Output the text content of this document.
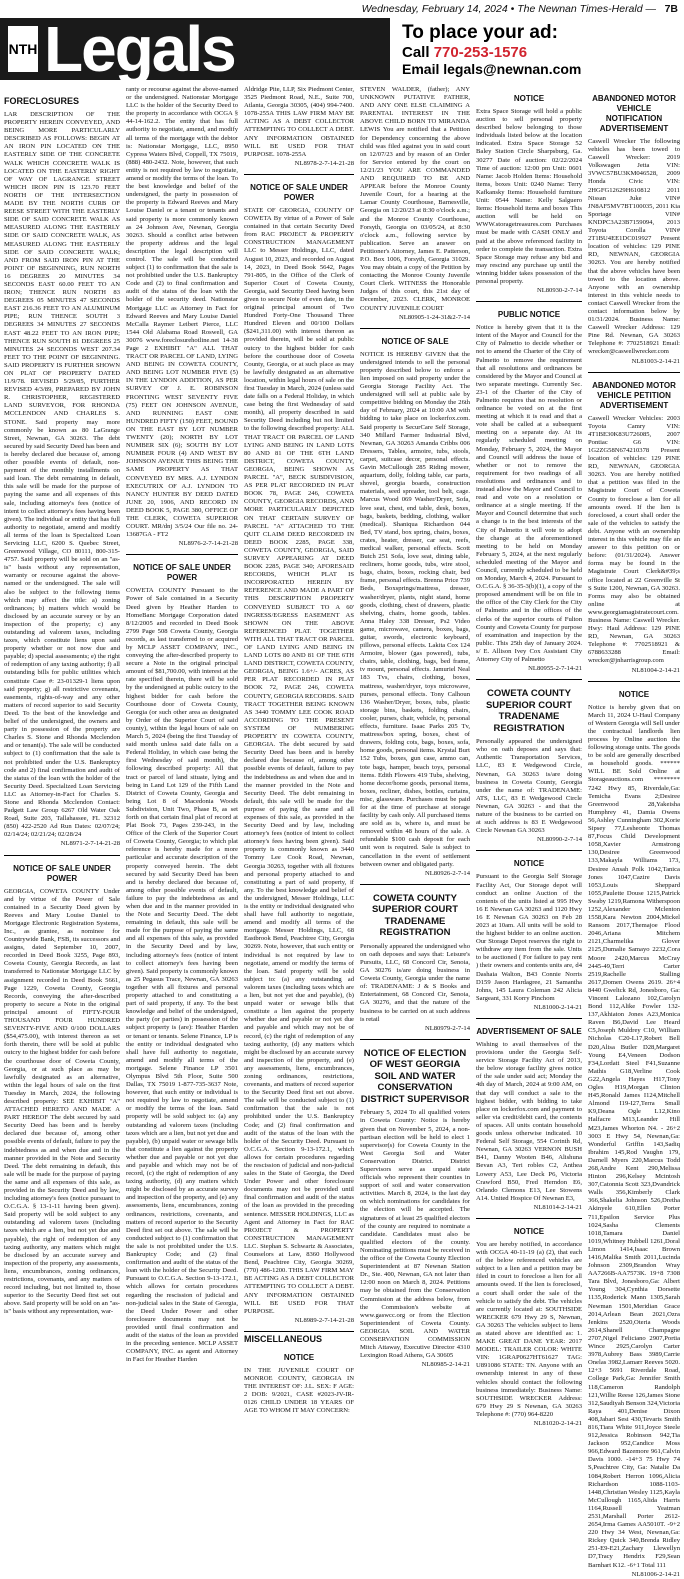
Wednesday, February 14, 2024 • The Newnan Times-Herald — 7B
NTH Legals	To place your ad:
Call 770-253-1576
Email legals@newnan.com
FORECLOSURES
LAR DESCRIPTION OF THE PROPERTY HEREIN CONVEYED, AND BEING MORE PARTICULARLY DESCRIBED AS FOLLOWS: BEGIN AT AN IRON PIN LOCATED ON THE EASTERLY SIDE OF THE CONCRETE WALK WHICH CONCRETE WALK IS LOCATED ON THE EASTERLY RIGHT OF WAY OF LAGRANGE STREET WHICH IRON PIN IS 123.70 FEET NORTH OF THE INTERSECTION MADE BY THE NORTH CURB OF REESE STREET WITH THE EASTERLY SIDE OF SAID CONCRETE WALK AS MEASURED ALONG THE EASTERLY SIDE OF SAID CONCRETE WALK, AS MEASURED ALONG THE EASTERLY SIDE OF SAID CONCRETE WALK; AND FROM SAID IRON PIN AT THE POINT OF BEGINNING, RUN NORTH 16 DEGREES 20 MINUTES 34 SECONDS EAST 60.00 FEET TO AN IRON; THENCE RUN NORTH 83 DEGREES 05 MINUTES 47 SECONDS EAST 216.36 FEET TO AN ALUMINUM PIPE; RUN THENCE SOUTH 3 DEGREES 34 MINUTES 27 SECONDS EAST 48.22 FEET TO AN IRON PIPE; THENCE RUN SOUTH 81 DEGREES 25 MINUTES 24 SECONDS WEST 207.34 FEET TO THE POINT OF BEGINNING. SAID PROPERTY IS FURTHER SHOWN ON PLAT OF PROPERTY DATED 11/9/78. REVISED 5/29/85, FURTHER REVISED 4/3/89, PREPARED BY JOHN R. CHRISTOPHER, REGISTERED LAND SURVEYOR, FOR RHONDA MCCLENDON AND CHARLES S. STONE. Said property may more commonly be known as 80 LaGrange Street, Newnan, GA 30263. The debt secured by said Security Deed has been and is hereby declared due because of, among other possible events of default, non-payment of the monthly installments on said loan. The debt remaining in default, this sale will be made for the purpose of paying the same and all expenses of this sale, including attorney's fees (notice of intent to collect attorney's fees having been given). The individual or entity that has full authority to negotiate, amend and modify all terms of the loan is Specialized Loan Servicing LLC, 6200 S. Quebec Street, Greenwood Village, CO 80111, 800-315-4757. Said property will be sold on an "as-is" basis without any representation, warranty or recourse against the above-named or the undersigned. The sale will also be subject to the following items which may affect the title: a) zoning ordinances; b) matters which would be disclosed by an accurate survey or by an inspection of the property; c) any outstanding ad valorem taxes, including taxes, which constitute liens upon said property whether or not now due and payable; d) special assessments; e) the right of redemption of any taxing authority; f) all outstanding bills for public utilities which constitute Case #: 23-01329-1 liens upon said property; g) all restrictive covenants, easements, rights-of-way and any other matters of record superior to said Security Deed. To the best of the knowledge and belief of the undersigned, the owners and party in possession of the property are Charles S. Stone and Rhonda Mcclendon and or tenant(s). The sale will be conducted subject to (1) confirmation that the sale is not prohibited under the U.S. Bankruptcy code and 2) final confirmation and audit of the status of the loan with the holder of the Security Deed. Specialized Loan Servicing LLC as Attorney-in-Fact for Charles S. Stone and Rhonda Mcclendon Contact: Padgett Law Group 6267 Old Water Oak Road, Suite 203, Tallahassee, FL 32312 (850) 422-2520 Ad Run Dates: 02/07/24; 02/14/24; 02/21/24; 02/28/24
NL8971-2-7-14-21-28
NOTICE OF SALE UNDER POWER
GEORGIA, COWETA COUNTY Under and by virtue of the Power of Sale contained in a Security Deed given by Reeves and Mary Louise Daniel to Mortgage Electronic Registration Systems, Inc., as grantee, as nominee for Countrywide Bank, FSB, its successors and assigns, dated September 10, 2007, recorded in Deed Book 3255, Page 893, Coweta County, Georgia Records, as last transferred to Nationstar Mortgage LLC by assignment recorded in Deed Book 5661, Page 1229, Coweta County, Georgia Records, conveying the after-described property to secure a Note in the original principal amount of FIFTY-FOUR THOUSAND FOUR HUNDRED SEVENTY-FIVE AND 0/100 DOLLARS ($54,475.00), with interest thereon as set forth therein, there will be sold at public outcry to the highest bidder for cash before the courthouse door of Coweta County, Georgia, or at such place as may be lawfully designated as an alternative, within the legal hours of sale on the first Tuesday in March, 2024, the following described property: SEE EXHIBIT "A" ATTACHED HERETO AND MADE A PART HEREOF The debt secured by said Security Deed has been and is hereby declared due because of, among other possible events of default, failure to pay the indebtedness as and when due and in the manner provided in the Note and Security Deed. The debt remaining in default, this sale will be made for the purpose of paying the same and all expenses of this sale, as provided in the Security Deed and by law, including attorney's fees (notice pursuant to O.C.G.A. § 13-1-11 having been given). Said property will be sold subject to any outstanding ad valorem taxes (including taxes which are a lien, but not yet due and payable), the right of redemption of any taxing authority, any matters which might be disclosed by an accurate survey and inspection of the property, any assessments, liens, encumbrances, zoning ordinances, restrictions, covenants, and any matters of record including, but not limited to, those superior to the Security Deed first set out above. Said property will be sold on an "as-is" basis without any representation, war-
ranty or recourse against the above-named or the undersigned. Nationstar Mortgage LLC is the holder of the Security Deed to the property in accordance with OCGA § 44-14-162.2. The entity that has full authority to negotiate, amend, and modify all terms of the mortgage with the debtor is: Nationstar Mortgage, LLC, 8950 Cypress Waters Blvd, Coppell, TX 75019, (888) 480-2432. Note, however, that such entity is not required by law to negotiate, amend or modify the terms of the loan. To the best knowledge and belief of the undersigned, the party in possession of the property is Edward Reeves and Mary Louise Daniel or a tenant or tenants and said property is more commonly known as 24 Johnson Ave, Newnan, Georgia 30263. Should a conflict arise between the property address and the legal description the legal description will control. The sale will be conducted subject (1) to confirmation that the sale is not prohibited under the U.S. Bankruptcy Code and (2) to final confirmation and audit of the status of the loan with the holder of the security deed. Nationstar Mortgage LLC as Attorney in Fact for Edward Reeves and Mary Louise Daniel McCalla Raymer Leibert Pierce, LLC 1544 Old Alabama Road Roswell, GA 30076 www.foreclosurehotline.net 14-38 Page 2 EXHIBIT "A" ALL THAT TRACT OR PARCEL OF LAND, LYING AND BEING IN COWETA COUNTY, AND BEING LOT NUMBER FIVE (5) IN THE LYNDON ADDITION, AS PER SURVEY OF J. E. ROBINSON FRONTING WEST SEVENTY FIVE (75) FEET ON JOHNSON AVENUE, AND RUNNING EAST ONE HUNDRED FIFTY (150) FEET, BOUND ON THE EAST BY LOT NUMBER TWENTY (20); NORTH BY LOT NUMBER SIX (6); SOUTH BY LOT NUMBER FOUR (4) AND WEST BY JOHNSON AVENUE THIS BEING THE SAME PROPERTY AS THAT CONVEYED BY MRS. A.J. LYNDON EXECUTRIX OF A.J. LYNDON TO NANCY HUNTER BY DEED DATED JUNE 20, 1906, AND RECORD IN DEED BOOK 5, PAGE 380, OFFICE OF THE CLERK, COWETA SUPERIOR COURT. MR/dnj 3/5/24 Our file no. 24-13687GA - FT2
NL8976-2-7-14-21-28
NOTICE OF SALE UNDER POWER
COWETA COUNTY Pursuant to the Power of Sale contained in a Security Deed given by Heather Harden to HomeBanc Mortgage Corporation dated 8/12/2005 and recorded in Deed Book 2799 Page 508 Coweta County, Georgia records, as last transferred to or acquired by MCLP ASSET COMPANY, INC., conveying the after-described property to secure a Note in the original principal amount of $81,700.00, with interest at the rate specified therein, there will be sold by the undersigned at public outcry to the highest bidder for cash before the Courthouse door of Coweta County, Georgia (or such other area as designated by Order of the Superior Court of said county), within the legal hours of sale on March 5, 2024 (being the first Tuesday of said month unless said date falls on a Federal Holiday, in which case being the first Wednesday of said month), the following described property: All that tract or parcel of land situate, lying and being in Land Lot 129 of the Fifth Land District of Coweta County, Georgia and being Lot 8 of Macedonia Woods Subdivision, Unit Two, Phase B, as set forth on that certain final plat of record at Plat Book 73, Pages 239-243, in the Office of the Clerk of the Superior Court of Coweta County, Georgia; to which plat reference is hereby made for a more particular and accurate description of the property conveyed herein. The debt secured by said Security Deed has been and is hereby declared due because of, among other possible events of default, failure to pay the indebtedness as and when due and in the manner provided in the Note and Security Deed. The debt remaining in default, this sale will be made for the purpose of paying the same and all expenses of this sale, as provided in the Security Deed and by law, including attorney's fees (notice of intent to collect attorney's fees having been given). Said property is commonly known as 25 Pegasus Trace, Newnan, GA 30263 together with all fixtures and personal property attached to and constituting a part of said property, if any. To the best knowledge and belief of the undersigned, the party (or parties) in possession of the subject property is (are): Heather Harden or tenant or tenants. Selene Finance, LP is the entity or individual designated who shall have full authority to negotiate, amend and modify all terms of the mortgage. Selene Finance LP 3501 Olympus Blvd 5th Floor, Suite 500 Dallas, TX 75019 1-877-735-3637 Note, however, that such entity or individual is not required by law to negotiate, amend or modify the terms of the loan. Said property will be sold subject to: (a) any outstanding ad valorem taxes (including taxes which are a lien, but not yet due and payable), (b) unpaid water or sewage bills that constitute a lien against the property whether due and payable or not yet due and payable and which may not be of record, (c) the right of redemption of any taxing authority, (d) any matters which might be disclosed by an accurate survey and inspection of the property, and (e) any assessments, liens, encumbrances, zoning ordinances, restrictions, covenants, and matters of record superior to the Security Deed first set out above. The sale will be conducted subject to (1) confirmation that the sale is not prohibited under the U.S. Bankruptcy Code; and (2) final confirmation and audit of the status of the loan with the holder of the Security Deed. Pursuant to O.C.G.A. Section 9-13-172.1, which allows for certain procedures regarding the rescission of judicial and non-judicial sales in the State of Georgia, the Deed Under Power and other foreclosure documents may not be provided until final confirmation and audit of the status of the loan as provided in the preceding sentence. MCLP ASSET COMPANY, INC. as agent and Attorney in Fact for Heather Harden
Aldridge Pite, LLP, Six Piedmont Center, 3525 Piedmont Road, N.E., Suite 700, Atlanta, Georgia 30305, (404) 994-7400. 1078-255A THIS LAW FIRM MAY BE ACTING AS A DEBT COLLECTOR ATTEMPTING TO COLLECT A DEBT. ANY INFORMATION OBTAINED WILL BE USED FOR THAT PURPOSE. 1078-255A
NL8978-2-7-14-21-28
NOTICE OF SALE UNDER POWER
STATE OF GEORGIA, COUNTY OF COWETA By virtue of a Power of Sale contained in that certain Security Deed from RAC PROJECT & PROPERTY CONSTRUCTION MANAGEMENT LLC to Messer Holdings, LLC, dated August 10, 2023, and recorded on August 14, 2023, in Deed Book 5642, Pages 791-805, in the Office of the Clerk of Superior Court of Coweta County, Georgia, said Security Deed having been given to secure Note of even date, in the original principal amount of Two Hundred Forty-One Thousand Three Hundred Eleven and 00/100 Dollars ($241,311.00) with interest thereon as provided therein, will be sold at public outcry to the highest bidder for cash before the courthouse door of Coweta County, Georgia, or at such place as may be lawfully designated as an alternative location, within legal hours of sale on the first Tuesday in March, 2024 (unless said date falls on a Federal Holiday, in which case being the first Wednesday of said month), all property described in said Security Deed including but not limited to the following described property: ALL THAT TRACT OR PARCEL OF LAND LYING AND BEING IN LAND LOTS 80 AND 81 OF THE 6TH LAND DISTRICT, COWETA COUNTY, GEORGIA, BEING SHOWN AS PARCEL "A", BECK SUBDIVISION, AS PER PLAT RECORDED IN PLAT BOOK 78, PAGE 246, COWETA COUNTY, GEORGIA RECORDS, AND MORE PARTICULARLY DEPICTED ON THAT CERTAIN SURVEY OF PARCEL "A" ATTACHED TO THE QUIT CLAIM DEED RECORDED IN DEED BOOK 2285, PAGE 338, COWETA COUNTY, GEORGIA, SAID SURVEY APPEARING AT DEED BOOK 2285, PAGE 340; AFORESAID RECORDS, WHICH PLAT IS INCORPORATED HEREIN BY REFERENCE AND MADE A PART OF THIS DESCRIPTION PROPERTY CONVEYED SUBJECT TO A 60' INGRESS/EGRESS EASEMENT AS SHOWN ON THE ABOVE REFERENCED PLAT. TOGETHER WITH ALL THAT TRACT OR PARCEL OF LAND LYING AND BEING IN LAND LOTS 80 AND 81 OF THE 6TH LAND DISTRICT, COWETA COUNTY, GEORGIA, BEING 1.6+/- ACRES, AS PER PLAT RECORDED IN PLAT BOOK 72, PAGE 246, COWETA COUNTY, GEORGIA RECORDS. SAID TRACT TOGETHER BEING KNOWN AS 3440 TOMMY LEE COOK ROAD ACCORDING TO THE PRESENT SYSTEM OF NUMBERING PROPERTY IN COWETA COUNTY, GEORGIA. The debt secured by said Security Deed has been and is hereby declared due because of, among other possible events of default, failure to pay the indebtedness as and when due and in the manner provided in the Note and Security Deed. The debt remaining in default, this sale will be made for the purpose of paying the same and all expenses of this sale, as provided in the Security Deed and by law, including attorney's fees (notice of intent to collect attorney's fees having been given). Said property is commonly known as 3440 Tommy Lee Cook Road, Newnan, Georgia 30263, together with all fixtures and personal property attached to and constituting a part of said property, if any. To the best knowledge and belief of the undersigned, Messer Holdings, LLC is the entity or individual designated who shall have full authority to negotiate, amend and modify all terms of the mortgage. Messer Holdings, LLC, 68 Eastbrook Bend, Peachtree City, Georgia 30269. Note, however, that such entity or individual is not required by law to negotiate, amend or modify the terms of the loan. Said property will be sold subject to: (a) any outstanding ad valorem taxes (including taxes which are a lien, but not yet due and payable), (b) unpaid water or sewage bills that constitute a lien against the property whether due and payable or not yet due and payable and which may not be of record, (c) the right of redemption of any taxing authority, (d) any matters which might be disclosed by an accurate survey and inspection of the property, and (e) any assessments, liens, encumbrances, zoning ordinances, restrictions, covenants, and matters of record superior to the Security Deed first set out above. The sale will be conducted subject to (1) confirmation that the sale is not prohibited under the U.S. Bankruptcy Code; and (2) final confirmation and audit of the status of the loan with the holder of the Security Deed. Pursuant to O.C.G.A. Section 9-13-172.1, which allows for certain procedures regarding the rescission of judicial and non-judicial sales in the State of Georgia, the Deed Under Power and other foreclosure documents may not be provided until final confirmation and audit of the status of the loan as provided in the preceding sentence. MESSER HOLDINGS, LLC as Agent and Attorney in Fact for RAC PROJECT & PROPERTY CONSTRUCTION MANAGEMENT LLC. Stephan S. Schwartz & Associates, Counselors at Law, 8360 Hollywood Bend, Peachtree City, Georgia 30269, (770) 486-1200. THIS LAW FIRM MAY BE ACTING AS A DEBT COLLECTOR ATTEMPTING TO COLLECT A DEBT. ANY INFORMATION OBTAINED WILL BE USED FOR THAT PURPOSE.
NL8989-2-7-14-21-28
MISCELLANEOUS
NOTICE
IN THE JUVENILE COURT OF MONROE COUNTY, GEORGIA IN THE INTEREST OF: J.L. SEX: F AGE: 2 DOB: 9/2021, CASE #2023-JV-IR-0126 CHILD UNDER 18 YEARS OF AGE TO WHOM IT MAY CONCERN:
STEVEN WALDER, (father); ANY UNKNOWN PUTATIVE FATHER, AND ANY ONE ELSE CLAIMING A PARENTAL INTEREST IN THE ABOVE CHILD BORN TO MIRANDA LEWIS You are notified that a Petition for Dependency concerning the above child was filed against you in said court on 12/07/23 and by reason of an Order for Service entered by the court on 12/21/23 YOU ARE COMMANDED AND REQUIRED TO BE AND APPEAR before the Monroe County Juvenile Court, for a hearing at the Lamar County Courthouse, Barnesville, Georgia on 12/20/23 at 8:30 o'clock a.m.; and the Monroe County Courthouse, Forsyth, Georgia on 03/05/24, at 8:30 o'clock a.m., following service by publication. Serve an answer on Petitioner's Attorney, James E. Patterson, P.O. Box 1006, Forsyth, Georgia 31029. You may obtain a copy of the Petition by contacting the Monroe County Juvenile Court Clerk. WITNESS the Honorable Judges of this court, this 21st day of December, 2023. CLERK, MONROE COUNTY JUVENILE COURT
NL80905-1-24-31&2-7-14
NOTICE OF SALE
NOTICE IS HEREBY GIVEN that the undersigned intends to sell the personal property described below to enforce a lien imposed on said property under the Georgia Storage Facility Act. The undersigned will sell at public sale by competitive bidding on Monday the 26th day of February, 2024 at 10:00 AM with bidding to take place on lockerfox.com. Said property is SecurCare Self Storage, 340 Millard Farmer Industrial Blvd, Newnan, GA 30263 Amanda Cribbs 006 Dressers, Tables, armoire, tubs, stools, carpet, suitcase decor, personal effects. Gavin McCullough 285 Riding mower, aquarium, dolly, folding table, car parts, shovel, georgia boards, construction materials, seed spreader, tool belt, cage. Marcus Wood 069 Washer/Dryer, Sofa, love seat, chest, end table, desk, boxes, bags, baskets, bedding, clothing, walker (medical). Shaniqua Richardson 044 Bed, TV stand, box spring, chairs, boxes, crates, heater, dresser, car seat, reefs, medical walker, personal effects. Scott Butch 251 Sofa, love seat, dining table, recliners, home goods, tubs, wire stool, bags, chairs, boxes, rocking chair, bed frame, personal effects. Brenna Price 739 Beds, Boxsprings/mattress, dresser, washer/dryer, plants, night stand, home goods, clothing, chest of drawers, plastic shelving, chairs, home goods, tables. Anna Haley 338 Dresser, Ps2 Video game, microwave, camera, boxes, bags, guitar, swords, electronic keyboard, pillows, personal effects. Lakita Cox 124 Armoire, blower (gas powered), tubs, chairs, table, clothing, bags, bed frame, tv mount, personal effects. Jamuriel Neal 183 Tvs, chairs, clothing, boxes, mattress, washer/dryer, toys microwave, purses, personal effects. Tony Calhoun 136 Washer/Dryer, boxes, tubs, plastic storage bins, baskets, folding chairs, cooler, purses, chair, vehicle, tv, personal effects, furniture. Isaac Parks 205 Tv, mattress/box spring, boxes, chest of drawers, folding cots, bags, boxes, sofa, home goods, personal items. Krystal Burt 152 Tubs, boxes, gun case, ammo can, tote bags, hamper, beach toys, personal items. Edith Flowers 419 Tubs, shelving, home decor/home goods, personal items, boxes, recliner, dishes, bottles, curtains, misc, glassware. Purchases must be paid for at the time of purchase at storage facility by cash only. All purchased items are sold as is, where is, and must be removed within 48 hours of the sale. A refundable $100 cash deposit for each unit won is required. Sale is subject to cancellation in the event of settlement between owner and obligated party.
NL80926-2-7-14
COWETA COUNTY SUPERIOR COURT TRADENAME REGISTRATION
Personally appeared the undersigned who on oath deposes and says that: Leisure's Pursuits, LLC, 68 Concord Cir, Senoia, GA 30276 is/are doing business in Coweta County, Georgia under the name of: TRADENAME: J & S Books and Entertainment, 68 Concord Cir, Senoia, GA 30276, and that the nature of the business to be carried on at such address is retail
NL80979-2-7-14
NOTICE OF ELECTION OF WEST GEORGIA SOIL AND WATER CONSERVATION DISTRICT SUPERVISOR
February 5, 2024 To all qualified voters in Coweta County: Notice is hereby given that on November 5, 2024, a non-partisan election will be held to elect 1 supervisor(s) for Coweta County in the West Georgia Soil and Water Conservation District. District Supervisors serve as unpaid state officials who represent their counties in support of soil and water conservation activities. March 8, 2024, is the last day on which nominations for candidates for the election will be accepted. The signatures of at least 25 qualified electors of the county are required to nominate a candidate. Candidates must also be qualified electors of the county. Nominating petitions must be received in the office of the Coweta County Election Superintendent at 87 Newnan Station Dr., Ste. 400, Newnan, GA not later than 12:00 noon on March 8, 2024. Petitions may be obtained from the Conservation Commission at the address below, from the Commission's website at www.gaswcc.org or from the Election Superintendent of Coweta County. GEORGIA SOIL AND WATER CONSERVATION COMMISSION Mitch Attaway, Executive Director 4310 Lexington Road Athens, GA 30605
NL80985-2-14-21
NOTICE
Extra Space Storage will hold a public auction to sell personal property described below belonging to those individuals listed below at the location indicated. Extra Space Storage 52 Baley Station Circle Sharpsburg, Ga. 30277 Date of auction: 02/22/2024 Time of auction: 12:00 pm Unit: 0601 Name: Jacob Holden Items: Household items, boxes Unit: 0240 Name: Terry Kafkansky Items: Household furniture Unit: 0544 Name: Kelly Salguero Items: Household items and boxes This auction will be held on WWW.storagetreasures.com Purchases must be made with CASH ONLY and paid at the above referenced facility in order to complete the transaction. Extra Space Storage may refuse any bid and may rescind any purchase up until the winning bidder takes possession of the personal property.
NL80930-2-7-14
PUBLIC NOTICE
Notice is hereby given that it is the intent of the Mayor and Council for the City of Palmetto to decide whether or not to amend the Charter of the City of Palmetto to remove the requirement that all resolutions and ordinances be considered by the Mayor and Council at two separate meetings. Currently Sec. 23-1 of the Charter of the City of Palmetto requires that no resolution or ordinance be voted on at the first meeting at which it is read and that a vote shall be called at a subsequent meeting on a separate day. At its regularly scheduled meeting on Monday, February 5, 2024, the Mayor and Council will address the issue of whether or not to remove the requirement for two readings of all resolutions and ordinances and to instead allow the Mayor and Council to read and vote on a resolution or ordinance at a single meeting. If the Mayor and Council determine that such a change is in the best interests of the City of Palmetto it will vote to adopt the change at the aforementioned meeting to be held on Monday February 5, 2024, at the next regularly scheduled meeting of the Mayor and Council, currently scheduled to be held on Monday, March 4, 2024. Pursuant to O.C.G.A. § 36-35-3(b)(1), a copy of the proposed amendment will be on file in the office of the City Clerk for the City of Palmetto and in the offices of the clerks of the superior courts of Fulton County and Coweta County for purpose of examination and inspection by the public. This 25th day of January 2024. s/ E. Allison Ivey Cox Assistant City Attorney City of Palmetto
NL80955-2-7-14-21
COWETA COUNTY SUPERIOR COURT TRADENAME REGISTRATION
Personally appeared the undersigned who on oath deposes and says that: Authentic Transportation Services, LLC, 83 E Wedgewood Circle, Newnan, GA 30263 is/are doing business in Coweta County, Georgia under the name of: TRADENAME: ATS, LLC, 83 E Wedgewood Circle Newnan, GA 30263 - and that the nature of the business to be carried on at such address is 83 E Wedgewood Circle Newnan GA 30263
NL80990-2-7-14
NOTICE
Pursuant to the Georgia Self Storage Facility Act, Our Storage depot will conduct an online Auction of the contents of the units listed at 995 Hwy 16 E Newnan GA 30263 and 1120 Hwy 16 E Newnan GA 30263 on Feb 28 2023 at 10am. All units will be sold to the highest bidder to an online auction. Our Storage Depot reserves the right to withdraw any item from the sale. Units to be auctioned ( For failure to pay rent ) their owners and contents units are, d4 Dashaia Walton, B43 Connie Norris D159 Jason Hardagree, 21 Samantha Johns, 145 Laura Coleman 242 Alicia Sargeant, 331 Korry Pinchom
NL81000-2-14-21
ADVERTISEMENT OF SALE
Wishing to avail themselves of the provisions under the Georgia Self-service Storage Facility Act of 2013, the below storage facility gives notice of the sale under said act; Monday the 4th day of March, 2024 at 9:00 AM, on that day will conduct a sale to the highest bidder, with bidding to take place on lockerfox.com and payment to seller via credit/debit card, the contents of spaces. All units contain household goods unless otherwise indicated. 10 Federal Self Storage, 554 Corinth Rd, Newnan, GA 30263 VERNON BUSH B41, Danny Wooten B46, Alishuna Bevan A3, Teri robles C2, Anthea Lowery A53, Lee Deck P6, Victoria Crawford B50, Fred Herndon E6, Orlando Clemons E13, Lee Stowens A14. United Hospice Of Newnan E3,
NL81014-2-14-21
NOTICE
You are hereby notified, in accordance with OCGA 40-11-19 (a) (2), that each of the below referenced vehicles are subject to a lien and a petition may be filed in court to foreclose a lien for all amounts owed. If the lien is foreclosed, a court shall order the sale of the vehicle to satisfy the debt. The vehicles are currently located at: SOUTHSIDE WRECKER 679 Hwy 29 S, Newnan, GA 30263 The vehicles subject to liens as stated above are identified as: 1. MAKE GREAT DANE YEAR: 2017 MODEL: TRAILER COLOR: WHITE VIN: 1GRAP0627HT61627 TAG: U891086 STATE: TN. Anyone with an ownership interest in any of these vehicles should contact the following business immediately: Business Name: SOUTHSIDE WRECKER Address: 679 Hwy 29 S Newnan, GA 30263 Telephone #: (770) 964-8220
NL81020-2-14-21
ABANDONED MOTOR VEHICLE NOTIFICATION ADVERTISEMENT
Caswell Wrecker The following vehicles has been towed to Caswell Wrecker: 2019 Volkswagen Jetta VIN: 3VWC57BU3KM046528, 2009 Honda Civic VIN: 2HGFG12629H610812 2011 Nissan Juke VIN# JN8AF5MV7BT100035, 2011 Kia Sportage VIN# KNDPC3A23B7159094, 2013 Toyota Corolla VIN# 2T1BU4EE1DC019927 Present location of vehicles: 129 PINE RD, NEWNAN, GEORGIA 30263. You are hereby notified that the above vehicles have been towed to the location above. Anyone with an ownership interest in this vehicle needs to contact Caswell Wrecker from the contact information below by 01/31/2024. Business Name: Caswell Wrecker Address: 129 Pine Rd. Newnan, GA 30263 Telephone #: 7702518921 Email: wrecker@caswellwrecker.com
NL81003-2-14-21
ABANDONED MOTOR VEHICLE PETITION ADVERTISEMENT
Caswell Wrecker Vehicles: 2003 Toyota Camry VIN: 4T1BE30K83U726085, 2007 Pontiac G6 VIN: 1G2ZG58N674210378 Present location of vehicles: 129 PINE RD, NEWNAN, GEORGIA 30263. You are hereby notified that a petition was filed in the Magistrate Court of Coweta County to foreclose a lien for all amounts owed. If the lien is foreclosed, a court shall order the sale of the vehicles to satisfy the debt. Anyone with an ownership interest in this vehicle may file an answer to this petition on or before: (01/31/2024). Answer forms may be found in the Magistrate Court Clerk&#39;s office located at 22 Greenville St S Suite 1200, Newnan, GA 30263. Forms may also be obtained online at www.georgiamagistratecourt.com. Business Name: Caswell Wrecker. Hwy: Haul Address: 129 PINE RD, Newnan, GA 30263 Telephone #: 7702518921 & 6788633288 Email: wrecker@jnharrisgroup.com
NL81004-2-14-21
NOTICE
Notice is hereby given that on March 11, 2024 U-Haul Company of Western Georgia will Sell under the contractual landlords lien process by Online auction the following storage units. The goods to be sold are generally described as household goods. ****** WILL BE Sold Online at Storageauctions.com ******** 7242 Hwy 85, Riverdale,Ga: Temicha Evans 2;Desiree Greenwood 28,Yakeisha Humphrey 41, Damia Owens 56,Ashley Cunningham 302,Korie Sipsey 77,Lesheonte Thomas 87,Focus Child Development 1058,Xavier Armstrong 130,Desiree Greenwood 133,Makayla Williams 173, Desiree Ansah Polk 1042,Tanica Jones 1047,Cazire Davis 1053,Louis Sheppard 1055,Paulette Douse 1215,Patrick Swaby 1219,Ramona Witherspoon 1252,Alexander Mclenton 1558,Kara Newton 2004,Mickel Ransom 2017,Themajoe Flood 2046,Ariana Mitchem 2121,Charmelika Glover 2125,Dumalie Samayo 2232,Cora Moore 2420,Marcus McCray 2445-49,Terri Carter 2519,Rachelle Stalling 2617,Domen Owens 2619. 26+4 8440 Gweltck Rd, Jonesboro, Ga: Vincent Lalozano 102,Carolyn Bond 112,Alike Fowler 132-137,Akhiaton Jones A23,Monica Raven B6,David Lee Heard C5,Joseph Muldrey C10, William Nicholas C20-L17,Robert Bell D20,Alisa Butler D28,Margaret Young E4,Veneen Dodson F34,Lordatt Steel F41,Suzanne Mathis G18,Verline Cook G22,Angela Hayes H17,Tony Ogles H19,Morgan Clinton H45,Ronald James I124,Mitchell Almond I19-I27,Terra Small K9,Deana Ogle L12,Kino Halfacre M13,Leander Hill M23,James Whorton N4. - 26+2 3003 E Hwy 54, Newnan,Ga: Wonderful Griffin 143,Sadiq Ibrahim 145,Rod Vaughn 179, Darnell Myers 220,Marcus Todd 268,Andre Kent 290,Melissa Hinton 296,Kelsey Mcintosh 307,Catonnia Scott 323,Dvandrick Walls 356,Kimberly Clark 366,Shakelia Johnson 526,Dretha Akinyele 610,Ellen Porter 711,Epsilon Service Plus 1024,Sasha Clements 1018,Tamara Daniel 1019,Whitney Hubbell 1261,Doral Limon 1414,Isaac Brown 1416,Malika Smith 2011,Lucinda Johnson 2309,Brandon Wray AA7266B-AA7573K. 19+8 7308 Tara Blvd, Jonesboro,Ga: Albert Young 304,Cynthia Dorsette 1135,Roderick Mann 1305,Sarah Newman 1501,Meridian Grace 2014,Arlean Bean 2021,Ozra Jenkins 2520,Oteria Woods 2614,Shanell Champagne 2707,Nigel Feliciano 2907,Portia Wince 2925,Carolyn Carter 3978,Aubrey Bass 3989,Carrie Onelas 3982,Lamarr Reeves 5020. 12+3 5691 Riverdale Road, College Park,Ga: Jennifer Smith 118,Cameron Randolph 121,Willie Reese 126,James Stone 312,Saudiyah Benson 324,Victoria Raya 401,Denise Dixon 408,Jabari Sesi 430,Tevaris Smith 816,Tiara White 911,Joyce Steele 912,Jessica Robinson 942,Tia Jackson 952,Candice Moss 966,Edward Bazemore 961,Calvin Davis 1000. -14+3 75 Hwy 74 S,Peachtree City, Ga: Natalie Da 1084,Robert Herron 1096,Alicia Richardson 1088-1103-1448,Christian Wesley 1125,Kayla McCullough 1165,Alida Harris 1164,Russell Yeatman 2531,Marshall Porter 2612-2654,Irma Games AA5010T. -9+2 220 Hwy 34 West, Newnan,Ga: Rickey Quick 340,Brenda Ridley 251-E9-E21,Zachary Llewellyn D7,Tracy Hendrix F29,Sean Barnhart K12. -6+1 Total 111
NL81006-2-14-21
